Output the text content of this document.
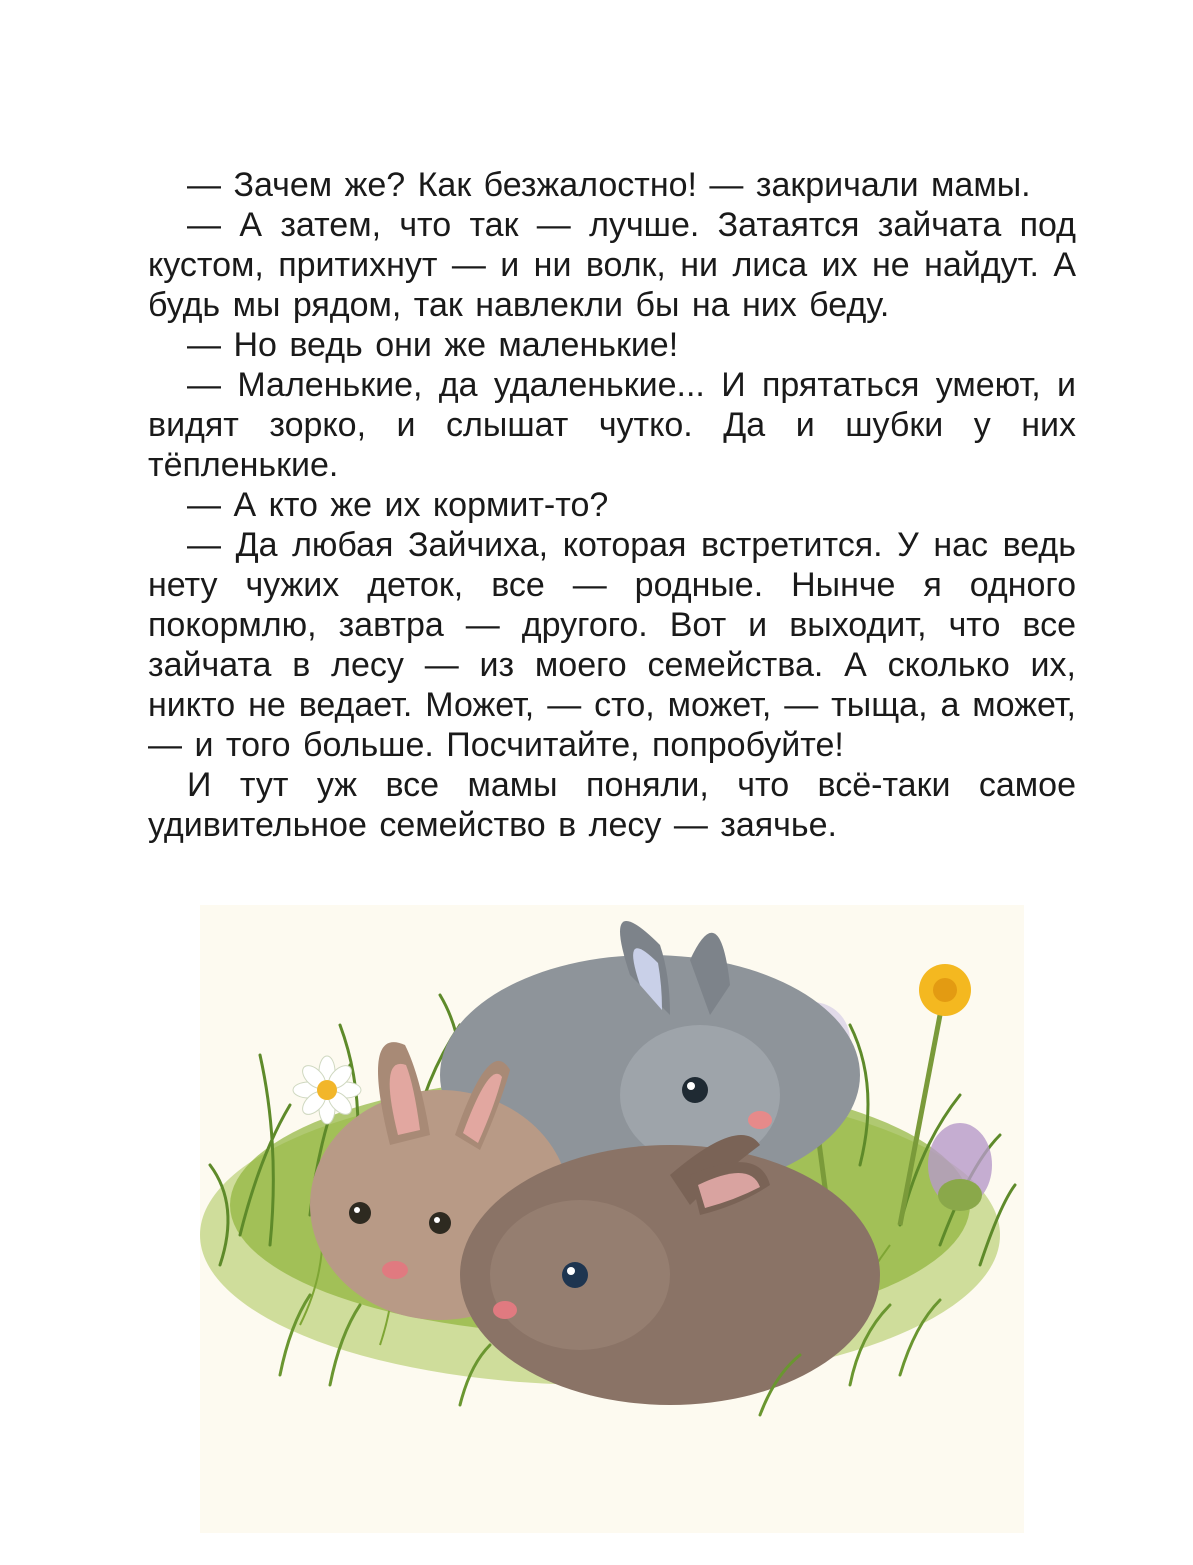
— Зачем же? Как безжалостно! — закричали мамы.

— А затем, что так — лучше. Затаятся зайчата под кустом, притихнут — и ни волк, ни лиса их не найдут. А будь мы рядом, так навлекли бы на них беду.

— Но ведь они же маленькие!

— Маленькие, да удаленькие... И прятаться умеют, и видят зорко, и слышат чутко. Да и шубки у них тёпленькие.

— А кто же их кормит-то?

— Да любая Зайчиха, которая встретится. У нас ведь нету чужих деток, все — родные. Нынче я одного покормлю, завтра — другого. Вот и выходит, что все зайчата в лесу — из моего семейства. А сколько их, никто не ведает. Может, — сто, может, — тыща, а может, — и того больше. Посчитайте, попробуйте!

И тут уж все мамы поняли, что всё-таки самое удивительное семейство в лесу — заячье.
